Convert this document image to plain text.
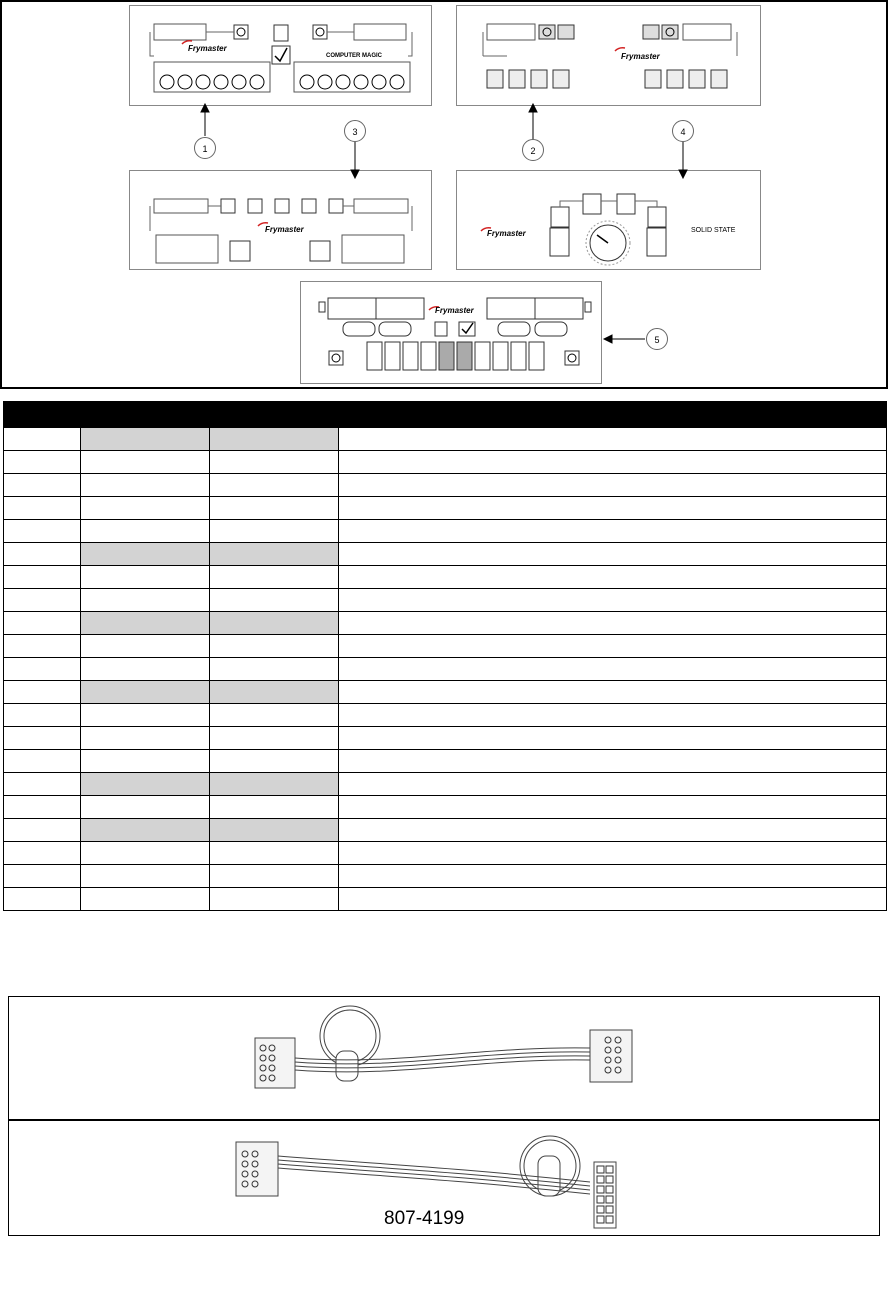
Frymaster
COMPUTER MAGIC	Frymaster
Frymaster	Frymaster	SOLID STATE
Frymaster
1
3
2
4
5

807-4199
